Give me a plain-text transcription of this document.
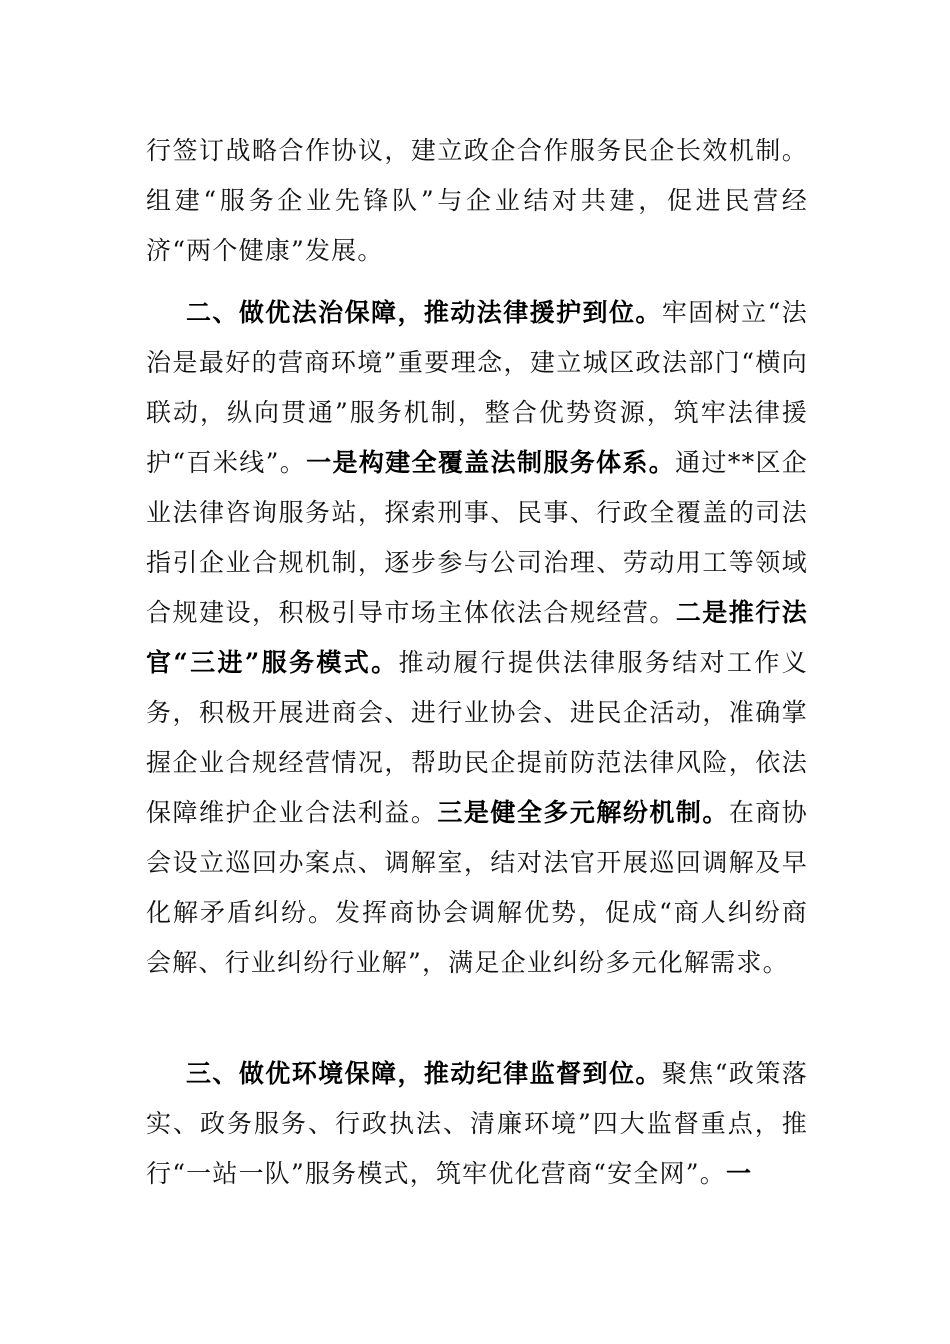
行签订战略合作协议，建立政企合作服务民企长效机制。组建“服务企业先锋队”与企业结对共建，促进民营经济“两个健康”发展。

二、做优法治保障，推动法律援护到位。牢固树立“法治是最好的营商环境”重要理念，建立城区政法部门“横向联动，纵向贯通”服务机制，整合优势资源，筑牢法律援护“百米线”。一是构建全覆盖法制服务体系。通过**区企业法律咨询服务站，探索刑事、民事、行政全覆盖的司法指引企业合规机制，逐步参与公司治理、劳动用工等领域合规建设，积极引导市场主体依法合规经营。二是推行法官“三进”服务模式。推动履行提供法律服务结对工作义务，积极开展进商会、进行业协会、进民企活动，准确掌握企业合规经营情况，帮助民企提前防范法律风险，依法保障维护企业合法利益。三是健全多元解纷机制。在商协会设立巡回办案点、调解室，结对法官开展巡回调解及早化解矛盾纠纷。发挥商协会调解优势，促成“商人纠纷商会解、行业纠纷行业解”，满足企业纠纷多元化解需求。

三、做优环境保障，推动纪律监督到位。聚焦“政策落实、政务服务、行政执法、清廉环境”四大监督重点，推行“一站一队”服务模式，筑牢优化营商“安全网”。一
